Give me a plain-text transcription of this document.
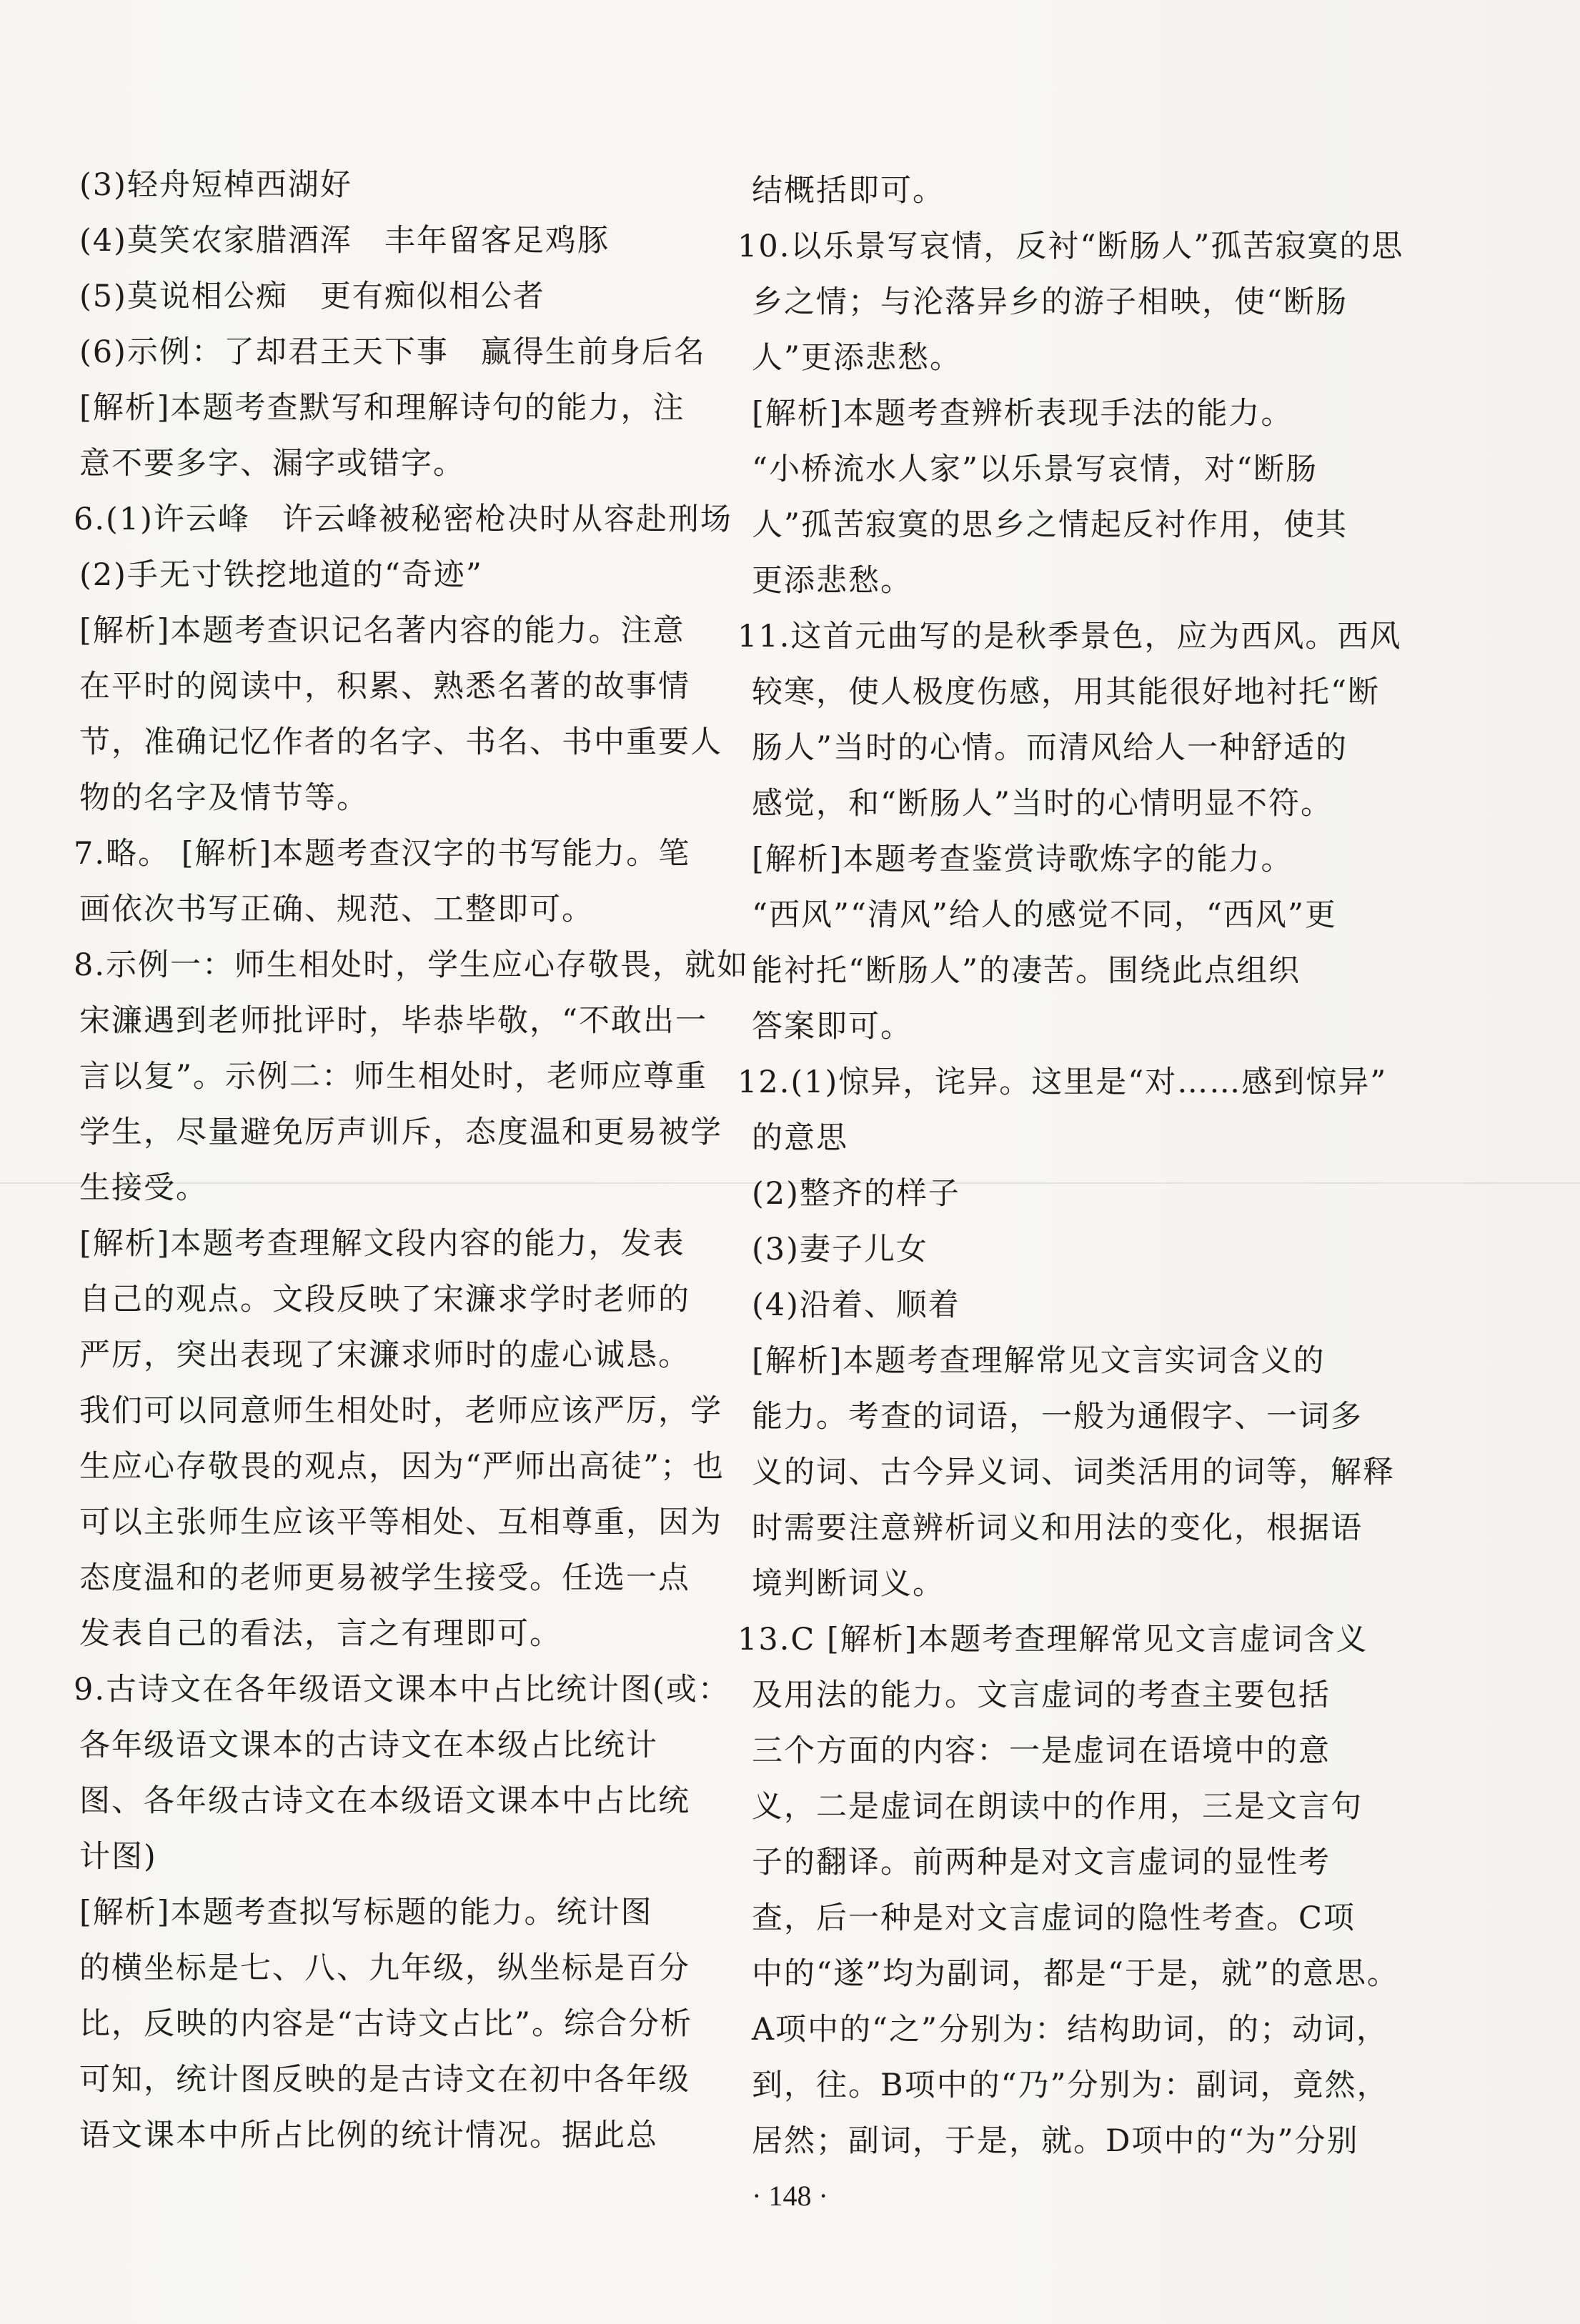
(3)轻舟短棹西湖好
(4)莫笑农家腊酒浑　丰年留客足鸡豚
(5)莫说相公痴　更有痴似相公者
(6)示例：了却君王天下事　赢得生前身后名
[解析]本题考查默写和理解诗句的能力，注
意不要多字、漏字或错字。
6.(1)许云峰　许云峰被秘密枪决时从容赴刑场
(2)手无寸铁挖地道的“奇迹”
[解析]本题考查识记名著内容的能力。注意
在平时的阅读中，积累、熟悉名著的故事情
节，准确记忆作者的名字、书名、书中重要人
物的名字及情节等。
7.略。 [解析]本题考查汉字的书写能力。笔
画依次书写正确、规范、工整即可。
8.示例一：师生相处时，学生应心存敬畏，就如
宋濂遇到老师批评时，毕恭毕敬，“不敢出一
言以复”。示例二：师生相处时，老师应尊重
学生，尽量避免厉声训斥，态度温和更易被学
生接受。
[解析]本题考查理解文段内容的能力，发表
自己的观点。文段反映了宋濂求学时老师的
严厉，突出表现了宋濂求师时的虚心诚恳。
我们可以同意师生相处时，老师应该严厉，学
生应心存敬畏的观点，因为“严师出高徒”；也
可以主张师生应该平等相处、互相尊重，因为
态度温和的老师更易被学生接受。任选一点
发表自己的看法，言之有理即可。
9.古诗文在各年级语文课本中占比统计图(或：
各年级语文课本的古诗文在本级占比统计
图、各年级古诗文在本级语文课本中占比统
计图)
[解析]本题考查拟写标题的能力。统计图
的横坐标是七、八、九年级，纵坐标是百分
比，反映的内容是“古诗文占比”。综合分析
可知，统计图反映的是古诗文在初中各年级
语文课本中所占比例的统计情况。据此总
结概括即可。
10.以乐景写哀情，反衬“断肠人”孤苦寂寞的思
乡之情；与沦落异乡的游子相映，使“断肠
人”更添悲愁。
[解析]本题考查辨析表现手法的能力。
“小桥流水人家”以乐景写哀情，对“断肠
人”孤苦寂寞的思乡之情起反衬作用，使其
更添悲愁。
11.这首元曲写的是秋季景色，应为西风。西风
较寒，使人极度伤感，用其能很好地衬托“断
肠人”当时的心情。而清风给人一种舒适的
感觉，和“断肠人”当时的心情明显不符。
[解析]本题考查鉴赏诗歌炼字的能力。
“西风”“清风”给人的感觉不同，“西风”更
能衬托“断肠人”的凄苦。围绕此点组织
答案即可。
12.(1)惊异，诧异。这里是“对……感到惊异”
的意思
(2)整齐的样子
(3)妻子儿女
(4)沿着、顺着
[解析]本题考查理解常见文言实词含义的
能力。考查的词语，一般为通假字、一词多
义的词、古今异义词、词类活用的词等，解释
时需要注意辨析词义和用法的变化，根据语
境判断词义。
13.C [解析]本题考查理解常见文言虚词含义
及用法的能力。文言虚词的考查主要包括
三个方面的内容：一是虚词在语境中的意
义，二是虚词在朗读中的作用，三是文言句
子的翻译。前两种是对文言虚词的显性考
查，后一种是对文言虚词的隐性考查。C项
中的“遂”均为副词，都是“于是，就”的意思。
A项中的“之”分别为：结构助词，的；动词，
到，往。B项中的“乃”分别为：副词，竟然，
居然；副词，于是，就。D项中的“为”分别
· 148 ·
